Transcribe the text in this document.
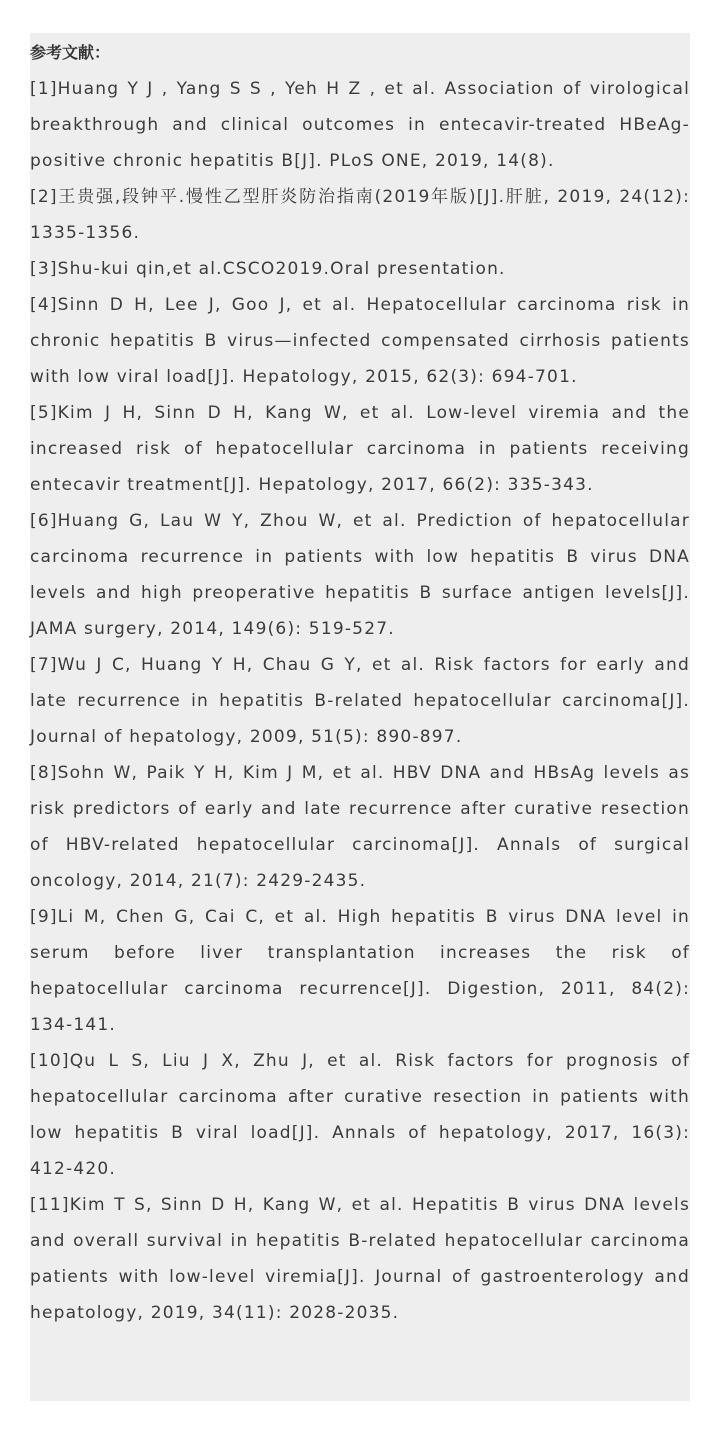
参考文献：

[1]Huang Y J , Yang S S , Yeh H Z , et al. Association of virological breakthrough and clinical outcomes in entecavir-treated HBeAg-positive chronic hepatitis B[J]. PLoS ONE, 2019, 14(8).

[2]王贵强,段钟平.慢性乙型肝炎防治指南(2019年版)[J].肝脏, 2019, 24(12): 1335-1356.

[3]Shu-kui qin,et al.CSCO2019.Oral presentation.

[4]Sinn D H, Lee J, Goo J, et al. Hepatocellular carcinoma risk in chronic hepatitis B virus—infected compensated cirrhosis patients with low viral load[J]. Hepatology, 2015, 62(3): 694-701.

[5]Kim J H, Sinn D H, Kang W, et al. Low-level viremia and the increased risk of hepatocellular carcinoma in patients receiving entecavir treatment[J]. Hepatology, 2017, 66(2): 335-343.

[6]Huang G, Lau W Y, Zhou W, et al. Prediction of hepatocellular carcinoma recurrence in patients with low hepatitis B virus DNA levels and high preoperative hepatitis B surface antigen levels[J]. JAMA surgery, 2014, 149(6): 519-527.

[7]Wu J C, Huang Y H, Chau G Y, et al. Risk factors for early and late recurrence in hepatitis B-related hepatocellular carcinoma[J]. Journal of hepatology, 2009, 51(5): 890-897.

[8]Sohn W, Paik Y H, Kim J M, et al. HBV DNA and HBsAg levels as risk predictors of early and late recurrence after curative resection of HBV-related hepatocellular carcinoma[J]. Annals of surgical oncology, 2014, 21(7): 2429-2435.

[9]Li M, Chen G, Cai C, et al. High hepatitis B virus DNA level in serum before liver transplantation increases the risk of hepatocellular carcinoma recurrence[J]. Digestion, 2011, 84(2): 134-141.

[10]Qu L S, Liu J X, Zhu J, et al. Risk factors for prognosis of hepatocellular carcinoma after curative resection in patients with low hepatitis B viral load[J]. Annals of hepatology, 2017, 16(3): 412-420.

[11]Kim T S, Sinn D H, Kang W, et al. Hepatitis B virus DNA levels and overall survival in hepatitis B-related hepatocellular carcinoma patients with low-level viremia[J]. Journal of gastroenterology and hepatology, 2019, 34(11): 2028-2035.
